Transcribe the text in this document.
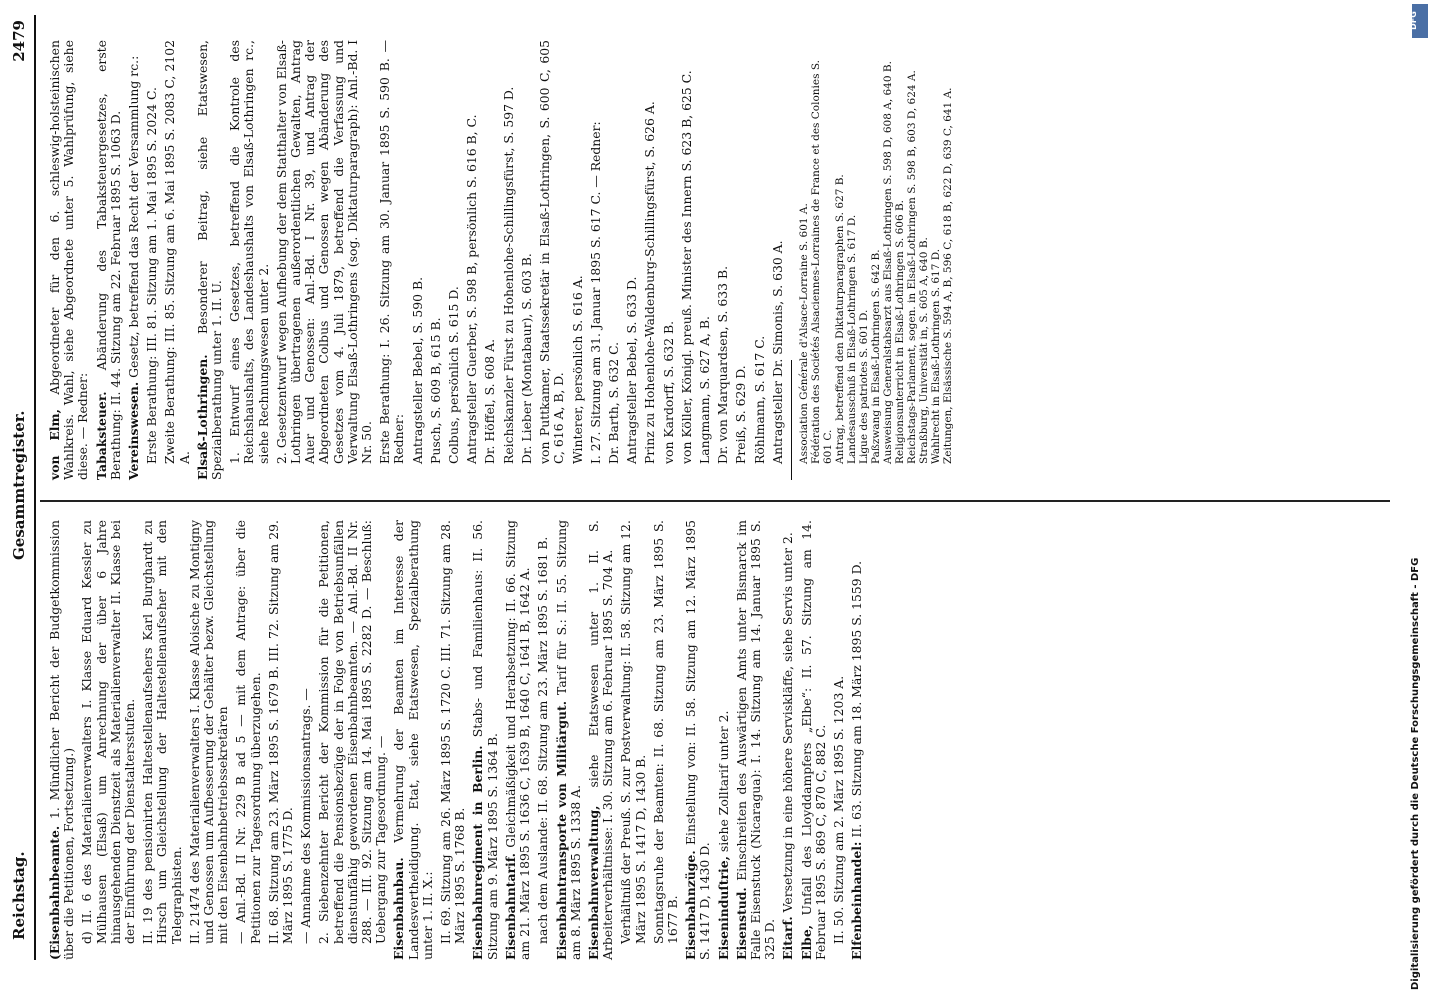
Reichstag.
Gesammtregister.
2479

(Eisenbahnbeamte. 1. Mündlicher Bericht der Budgetkommission über die Petitionen, Fortsetzung.) d) II. 6 des Materialienverwalters I. Klasse Eduard Kessler zu Mülhausen (Elsaß) um Anrechnung der über 6 Jahre hinausgehenden Dienstzeit als Materialienverwalter II. Klasse bei der Einführung der Dienstaltersstufen. II. 19 des pensionirten Haltestellenaufsehers Karl Burghardt zu Hirsch um Gleichstellung der Haltestellenaufseher mit den Telegraphisten. II. 21474 des Materialienverwalters I. Klasse Aloische zu Montigny und Genossen um Aufbesserung der Gehälter bezw. Gleichstellung mit den Eisenbahnbetriebssekretären — Anl.-Bd. II Nr. 229 B ad 5 — mit dem Antrage: über die Petitionen zur Tagesordnung überzugehen. II. 68. Sitzung am 23. März 1895 S. 1679 B. III. 72. Sitzung am 29. März 1895 S. 1775 D. — Annahme des Kommissionsantrags. — 2. Siebenzehnter Bericht der Kommission für die Petitionen, betreffend die Pensionsbezüge der in Folge von Betriebsunfällen dienstunfähig gewordenen Eisenbahnbeamten. — Anl.-Bd. II Nr. 288. — III. 92. Sitzung am 14. Mai 1895 S. 2282 D. — Beschluß: Uebergang zur Tagesordnung. — Eisenbahnbau. Vermehrung der Beamten im Interesse der Landesvertheidigung. Etat, siehe Etatswesen, Spezialberathung unter 1. II. X.: II. 69. Sitzung am 26. März 1895 S. 1720 C. III. 71. Sitzung am 28. März 1895 S. 1768 B. Eisenbahnregiment in Berlin. Stabs- und Familienhaus: II. 56. Sitzung am 9. März 1895 S. 1364 B. Eisenbahntarif. Gleichmäßigkeit und Herabsetzung: II. 66. Sitzung am 21. März 1895 S. 1636 C, 1639 B, 1640 C, 1641 B, 1642 A. nach dem Auslande: II. 68. Sitzung am 23. März 1895 S. 1681 B. Eisenbahntransporte von Militärgut. Tarif für S.: II. 55. Sitzung am 8. März 1895 S. 1338 A. Eisenbahnverwaltung, siehe Etatswesen unter 1. II. S. Arbeiterverhältnisse: I. 30. Sitzung am 6. Februar 1895 S. 704 A. Verhältniß der Preuß. S. zur Postverwaltung: II. 58. Sitzung am 12. März 1895 S. 1417 D, 1430 B. Sonntagsruhe der Beamten: II. 68. Sitzung am 23. März 1895 S. 1677 B. Eisenbahnzüge. Einstellung von: II. 58. Sitzung am 12. März 1895 S. 1417 D, 1430 D. Eiseninduſtrie, siehe Zolltarif unter 2.

Eisenstud. Einschreiten des Auswärtigen Amts unter Bismarck im Falle Eisenstuck (Nicaragua): I. 14. Sitzung am 14. Januar 1895 S. 325 D. Eitarf. Versetzung in eine höhere Serviskläffe, siehe Servis unter 2.

Elbe, Unfall des Lloyddampfers „Elbe“: II. 57. Sitzung am 14. Februar 1895 S. 869 C, 870 C, 882 C. II. 50. Sitzung am 2. März 1895 S. 1203 A. Elfenbeinhandel: II. 63. Sitzung am 18. März 1895 S. 1559 D.

von Elm, Abgeordneter für den 6. schleswig-holsteinischen Wahlkreis. Wahl, siehe Abgeordnete unter 5. Wahlprüfung, siehe diese. — Redner: Tabaksteuer. Abänderung des Tabaksteuergesetzes, erste Berathung: II. 44. Sitzung am 22. Februar 1895 S. 1063 D. Vereinswesen. Gesetz, betreffend das Recht der Versammlung rc.: Erste Berathung: III. 81. Sitzung am 1. Mai 1895 S. 2024 C. Zweite Berathung: III. 85. Sitzung am 6. Mai 1895 S. 2083 C, 2102 A. Elsaß-Lothringen. Besonderer Beitrag, siehe Etatswesen, Spezialberathung unter 1. II. U. 1. Entwurf eines Gesetzes, betreffend die Kontrole des Reichshaushalts, des Landeshaushalts von Elsaß-Lothringen rc., siehe Rechnungswesen unter 2. 2. Gesetzentwurf wegen Aufhebung der dem Statthalter von Elsaß-Lothringen übertragenen außerordentlichen Gewalten, Antrag Auer und Genossen: Anl.-Bd. I Nr. 39, und Antrag der Abgeordneten Colbus und Genossen wegen Abänderung des Gesetzes vom 4. Juli 1879, betreffend die Verfassung und Verwaltung Elsaß-Lothringens (sog. Diktaturparagraph): Anl.-Bd. I Nr. 50. Erste Berathung: I. 26. Sitzung am 30. Januar 1895 S. 590 B. — Redner: Antragsteller Bebel, S. 590 B. Pusch, S. 609 B, 615 B. Colbus, persönlich S. 615 D. Antragsteller Guerber, S. 598 B, persönlich S. 616 B, C. Dr. Höffel, S. 608 A. Reichskanzler Fürst zu Hohenlohe-Schillingsfürst, S. 597 D. Dr. Lieber (Montabaur), S. 603 B. von Puttkamer, Staatssekretär in Elsaß-Lothringen, S. 600 C, 605 C, 616 A, B, D. Winterer, persönlich S. 616 A. I. 27. Sitzung am 31. Januar 1895 S. 617 C. — Redner: Dr. Barth, S. 632 C. Antragsteller Bebel, S. 633 D. Prinz zu Hohenlohe-Waldenburg-Schillingsfürst, S. 626 A. von Kardorff, S. 632 B. von Köller, Königl. preuß. Minister des Innern S. 623 B, 625 C. Langmann, S. 627 A, B. Dr. von Marquardsen, S. 633 B. Preiß, S. 629 D. Röhlmann, S. 617 C. Antragsteller Dr. Simonis, S. 630 A. Association Générale d'Alsace-Lorraine S. 601 A. Fédération des Sociétés Alsaciennes-Lorraines de France et des Colonies S. 601 C. Antrag, betreffend den Diktaturparagraphen S. 627 B. Landesausschuß in Elsaß-Lothringen S. 617 D. Ligue des patriotes S. 601 D. Paßzwang in Elsaß-Lothringen S. 642 B. Ausweisung Generalstabsarzt aus Elsaß-Lothringen S. 598 D, 608 A, 640 B. Religionsunterricht in Elsaß-Lothringen S. 606 B. Reichstags-Parlament, sogen. in Elsaß-Lothringen S. 598 B, 603 D, 624 A. Straßburg, Universität in, S. 605 A, 640 B. Wahlrecht in Elsaß-Lothringen S. 617 D. Zeitungen, Elsässische S. 594 A, B, 596 C, 618 B, 622 D, 639 C, 641 A.

DFG
Digitalisierung gefördert durch die Deutsche Forschungsgemeinschaft - DFG
